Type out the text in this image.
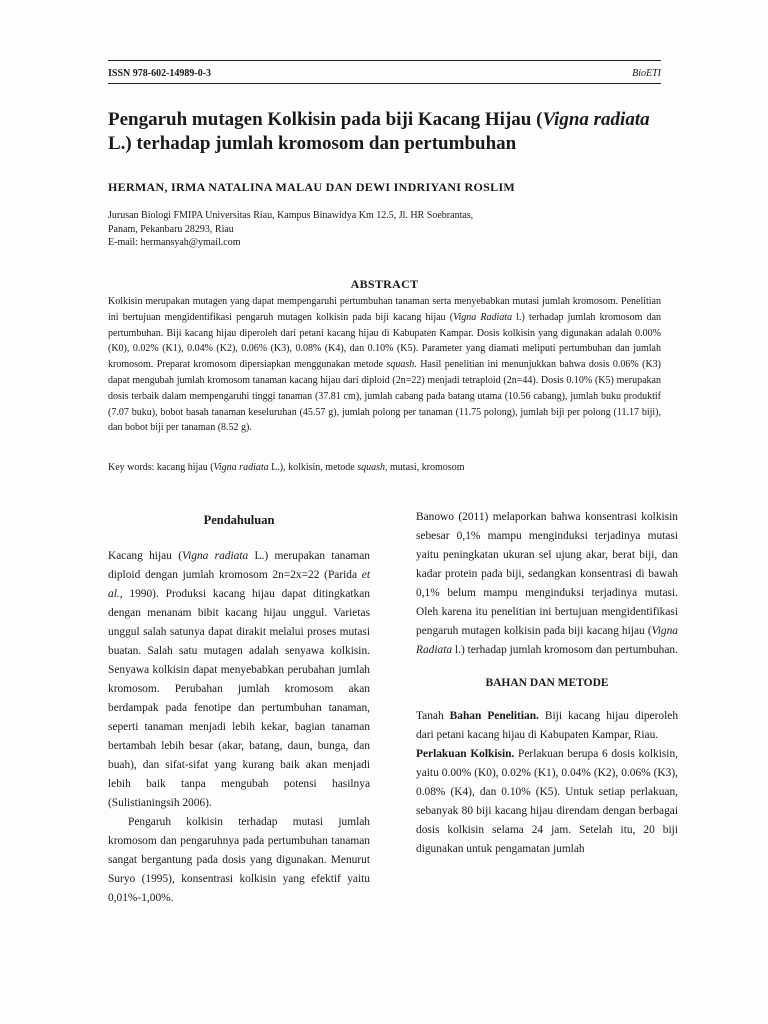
ISSN 978-602-14989-0-3	BioETI
Pengaruh mutagen Kolkisin pada biji Kacang Hijau (Vigna radiata L.) terhadap jumlah kromosom dan pertumbuhan

HERMAN, IRMA NATALINA MALAU DAN DEWI INDRIYANI ROSLIM

Jurusan Biologi FMIPA Universitas Riau, Kampus Binawidya Km 12.5, Jl. HR Soebrantas,
Panam, Pekanbaru 28293, Riau
E-mail: hermansyah@ymail.com
ABSTRACT

Kolkisin merupakan mutagen yang dapat mempengaruhi pertumbuhan tanaman serta menyebabkan mutasi jumlah kromosom. Penelitian ini bertujuan mengidentifikasi pengaruh mutagen kolkisin pada biji kacang hijau (Vigna Radiata l.) terhadap jumlah kromosom dan pertumbuhan. Biji kacang hijau diperoleh dari petani kacang hijau di Kabupaten Kampar. Dosis kolkisin yang digunakan adalah 0.00% (K0), 0.02% (K1), 0.04% (K2), 0.06% (K3), 0.08% (K4), dan 0.10% (K5). Parameter yang diamati meliputi pertumbuhan dan jumlah kromosom. Preparat kromosom dipersiapkan menggunakan metode squash. Hasil penelitian ini menunjukkan bahwa dosis 0.06% (K3) dapat mengubah jumlah kromosom tanaman kacang hijau dari diploid (2n=22) menjadi tetraploid (2n=44). Dosis 0.10% (K5) merupakan dosis terbaik dalam mempengaruhi tinggi tanaman (37.81 cm), jumlah cabang pada batang utama (10.56 cabang), jumlah buku produktif (7.07 buku), bobot basah tanaman keseluruhan (45.57 g), jumlah polong per tanaman (11.75 polong), jumlah biji per polong (11.17 biji), dan bobot biji per tanaman (8.52 g).

Key words: kacang hijau (Vigna radiata L.), kolkisin, metode squash, mutasi, kromosom

Pendahuluan

Kacang hijau (Vigna radiata L.) merupakan tanaman diploid dengan jumlah kromosom 2n=2x=22 (Parida et al., 1990). Produksi kacang hijau dapat ditingkatkan dengan menanam bibit kacang hijau unggul. Varietas unggul salah satunya dapat dirakit melalui proses mutasi buatan. Salah satu mutagen adalah senyawa kolkisin. Senyawa kolkisin dapat menyebabkan perubahan jumlah kromosom. Perubahan jumlah kromosom akan berdampak pada fenotipe dan pertumbuhan tanaman, seperti tanaman menjadi lebih kekar, bagian tanaman bertambah lebih besar (akar, batang, daun, bunga, dan buah), dan sifat-sifat yang kurang baik akan menjadi lebih baik tanpa mengubah potensi hasilnya (Sulistianingsih 2006).

Pengaruh kolkisin terhadap mutasi jumlah kromosom dan pengaruhnya pada pertumbuhan tanaman sangat bergantung pada dosis yang digunakan. Menurut Suryo (1995), konsentrasi kolkisin yang efektif yaitu 0,01%-1,00%.

Banowo (2011) melaporkan bahwa konsentrasi kolkisin sebesar 0,1% mampu menginduksi terjadinya mutasi yaitu peningkatan ukuran sel ujung akar, berat biji, dan kadar protein pada biji, sedangkan konsentrasi di bawah 0,1% belum mampu menginduksi terjadinya mutasi. Oleh karena itu penelitian ini bertujuan mengidentifikasi pengaruh mutagen kolkisin pada biji kacang hijau (Vigna Radiata l.) terhadap jumlah kromosom dan pertumbuhan.

BAHAN DAN METODE

Tanah Bahan Penelitian. Biji kacang hijau diperoleh dari petani kacang hijau di Kabupaten Kampar, Riau.

Perlakuan Kolkisin. Perlakuan berupa 6 dosis kolkisin, yaitu 0.00% (K0), 0.02% (K1), 0.04% (K2), 0.06% (K3), 0.08% (K4), dan 0.10% (K5). Untuk setiap perlakuan, sebanyak 80 biji kacang hijau direndam dengan berbagai dosis kolkisin selama 24 jam. Setelah itu, 20 biji digunakan untuk pengamatan jumlah
